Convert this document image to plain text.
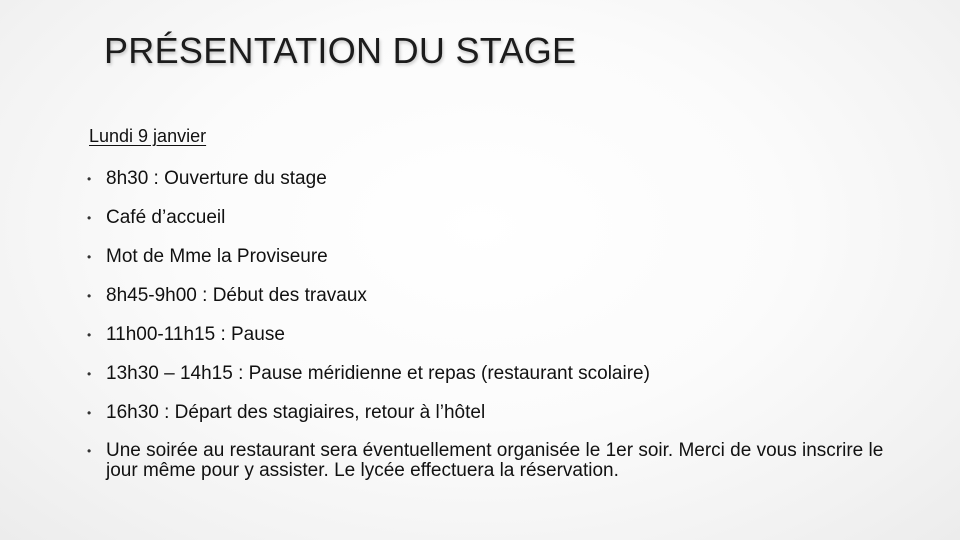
PRÉSENTATION DU STAGE
Lundi 9 janvier
• 8h30 : Ouverture du stage
• Café d’accueil
• Mot de Mme la Proviseure
• 8h45-9h00 : Début des travaux
• 11h00-11h15 : Pause
• 13h30 – 14h15 : Pause méridienne et repas (restaurant scolaire)
• 16h30 : Départ des stagiaires, retour à l’hôtel
• Une soirée au restaurant sera éventuellement organisée le 1er soir. Merci de vous inscrire le jour même pour y assister. Le lycée effectuera la réservation.
